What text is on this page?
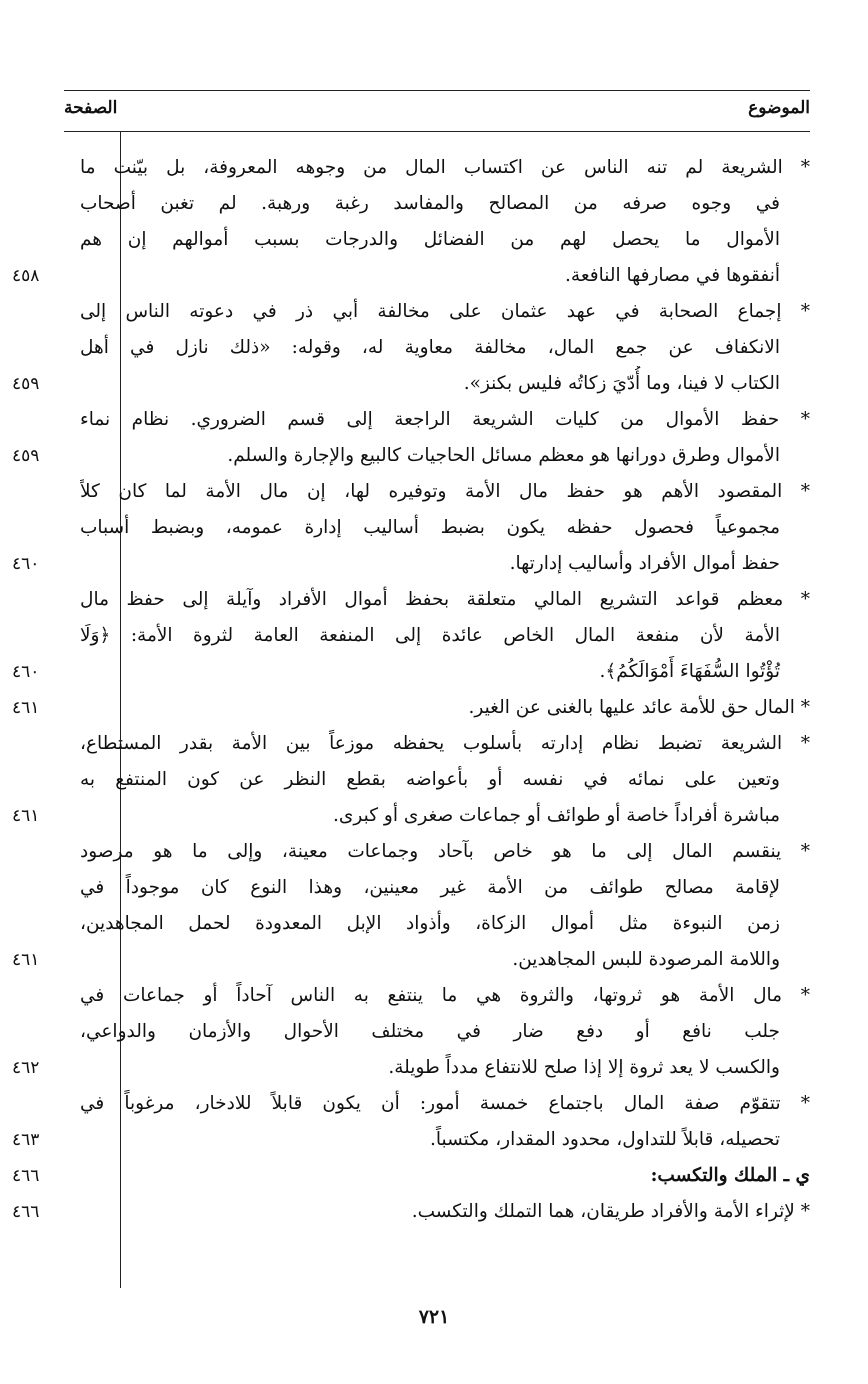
الموضوع
الصفحة
* الشريعة لم تنه الناس عن اكتساب المال من وجوهه المعروفة، بل بيّنت ما
في وجوه صرفه من المصالح والمفاسد رغبة ورهبة. لم تغبن أصحاب
الأموال ما يحصل لهم من الفضائل والدرجات بسبب أموالهم إن هم
أنفقوها في مصارفها النافعة.
٤٥٨
* إجماع الصحابة في عهد عثمان على مخالفة أبي ذر في دعوته الناس إلى
الانكفاف عن جمع المال، مخالفة معاوية له، وقوله: «ذلك نازل في أهل
الكتاب لا فينا، وما أُدّيَ زكاتُه فليس بكنز».
٤٥٩
* حفظ الأموال من كليات الشريعة الراجعة إلى قسم الضروري. نظام نماء
الأموال وطرق دورانها هو معظم مسائل الحاجيات كالبيع والإجارة والسلم.
٤٥٩
* المقصود الأهم هو حفظ مال الأمة وتوفيره لها، إن مال الأمة لما كان كلاً
مجموعياً فحصول حفظه يكون بضبط أساليب إدارة عمومه، وبضبط أسباب
حفظ أموال الأفراد وأساليب إدارتها.
٤٦٠
* معظم قواعد التشريع المالي متعلقة بحفظ أموال الأفراد وآيلة إلى حفظ مال
الأمة لأن منفعة المال الخاص عائدة إلى المنفعة العامة لثروة الأمة: ﴿وَلَا
تُؤْتُوا السُّفَهَاءَ أَمْوَالَكُمُ﴾.
٤٦٠
* المال حق للأمة عائد عليها بالغنى عن الغير.
٤٦١
* الشريعة تضبط نظام إدارته بأسلوب يحفظه موزعاً بين الأمة بقدر المستطاع،
وتعين على نمائه في نفسه أو بأعواضه بقطع النظر عن كون المنتفع به
مباشرة أفراداً خاصة أو طوائف أو جماعات صغرى أو كبرى.
٤٦١
* ينقسم المال إلى ما هو خاص بآحاد وجماعات معينة، وإلى ما هو مرصود
لإقامة مصالح طوائف من الأمة غير معينين، وهذا النوع كان موجوداً في
زمن النبوءة مثل أموال الزكاة، وأذواد الإبل المعدودة لحمل المجاهدين،
واللامة المرصودة للبس المجاهدين.
٤٦١
* مال الأمة هو ثروتها، والثروة هي ما ينتفع به الناس آحاداً أو جماعات في
جلب نافع أو دفع ضار في مختلف الأحوال والأزمان والدواعي،
والكسب لا يعد ثروة إلا إذا صلح للانتفاع مدداً طويلة.
٤٦٢
* تتقوّم صفة المال باجتماع خمسة أمور: أن يكون قابلاً للادخار، مرغوباً في
تحصيله، قابلاً للتداول، محدود المقدار، مكتسباً.
٤٦٣
ي ـ الملك والتكسب:
٤٦٦
* لإثراء الأمة والأفراد طريقان، هما التملك والتكسب.
٤٦٦
٧٢١
